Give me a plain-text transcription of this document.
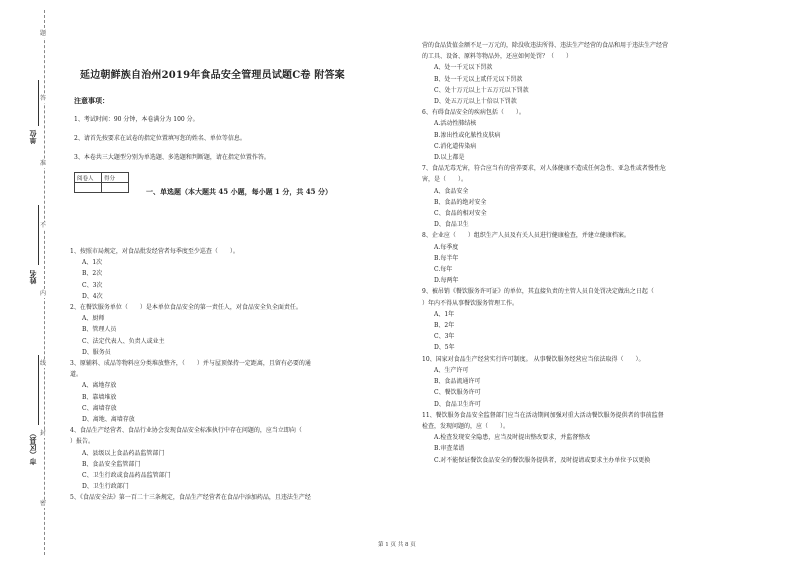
单位
姓名
市（区县）
题
答
准
不
内
线
封
密
延边朝鲜族自治州2019年食品安全管理员试题C卷 附答案
注意事项：
1、考试时间：90 分钟，本卷满分为 100 分。
2、请首先按要求在试卷的指定位置填写您的姓名、单位等信息。
3、本卷共三大题型分别为单选题、多选题和判断题，请在指定位置作答。
阅卷人	得分

一、单选题（本大题共 45 小题，每小题 1 分，共 45 分）
1、按照市局规定，对食品批发经营者每季度至少巡查（　　）。
A、1次
B、2次
C、3次
D、4次
2、在餐饮服务单位（　　）是本单位食品安全的第一责任人，对食品安全负全面责任。
A、厨师
B、管理人员
C、法定代表人、负责人或业主
D、服务员
3、原辅料、成品等物料应分类堆放整齐，（　　）并与屋顶保持一定距离，且留有必要的通
道。
A、离地存放
B、靠墙堆放
C、离墙存放
D、离地、离墙存放
4、食品生产经营者、食品行业协会发现食品安全标准执行中存在问题的，应当立即向（
）报告。
A、县级以上食品药品监管部门
B、食品安全监管部门
C、卫生行政或食品药品监管部门
D、卫生行政部门
5、《食品安全法》第一百二十三条规定，食品生产经营者在食品中添加药品，且违法生产经
营的食品货值金额不足一万元的，除没收违法所得、违法生产经营的食品和用于违法生产经营
的工具、设备、原料等物品外，还应如何处罚？（　　）
A、处一千元以下罚款
B、处一千元以上贰仟元以下罚款
C、处十万元以上十五万元以下罚款
D、处五万元以上十倍以下罚款
6、有碍食品安全的疾病包括（　　）。
A.活动性肺结核
B.渗出性或化脓性皮肤病
C.消化道传染病
D.以上都是
7、食品无毒无害，符合应当有的营养要求，对人体健康不造成任何急性、亚急性或者慢性危
害，是（　　）。
A、食品安全
B、食品的绝对安全
C、食品的相对安全
D、食品卫生
8、企业应（　　）组织生产人员及有关人员进行健康检查，并建立健康档案。
A.每季度
B.每半年
C.每年
D.每两年
9、被吊销《餐饮服务许可证》的单位，其直接负责的主管人员自处罚决定做出之日起（
）年内不得从事餐饮服务管理工作。
A、1年
B、2年
C、3年
D、5年
10、国家对食品生产经营实行许可制度。 从事餐饮服务经营应当依法取得（　　）。
A、生产许可
B、食品流通许可
C、餐饮服务许可
D、食品卫生许可
11、餐饮服务食品安全监督部门应当在活动期间加强对重大活动餐饮服务提供者的事前监督
检查，发现问题的，应（　　）。
A.检查发现安全隐患，应当及时提出整改要求，并监督整改
B.审查菜谱
C.对不能保证餐饮食品安全的餐饮服务提供者，及时提请或要求主办单位予以更换
第 1 页 共 8 页
